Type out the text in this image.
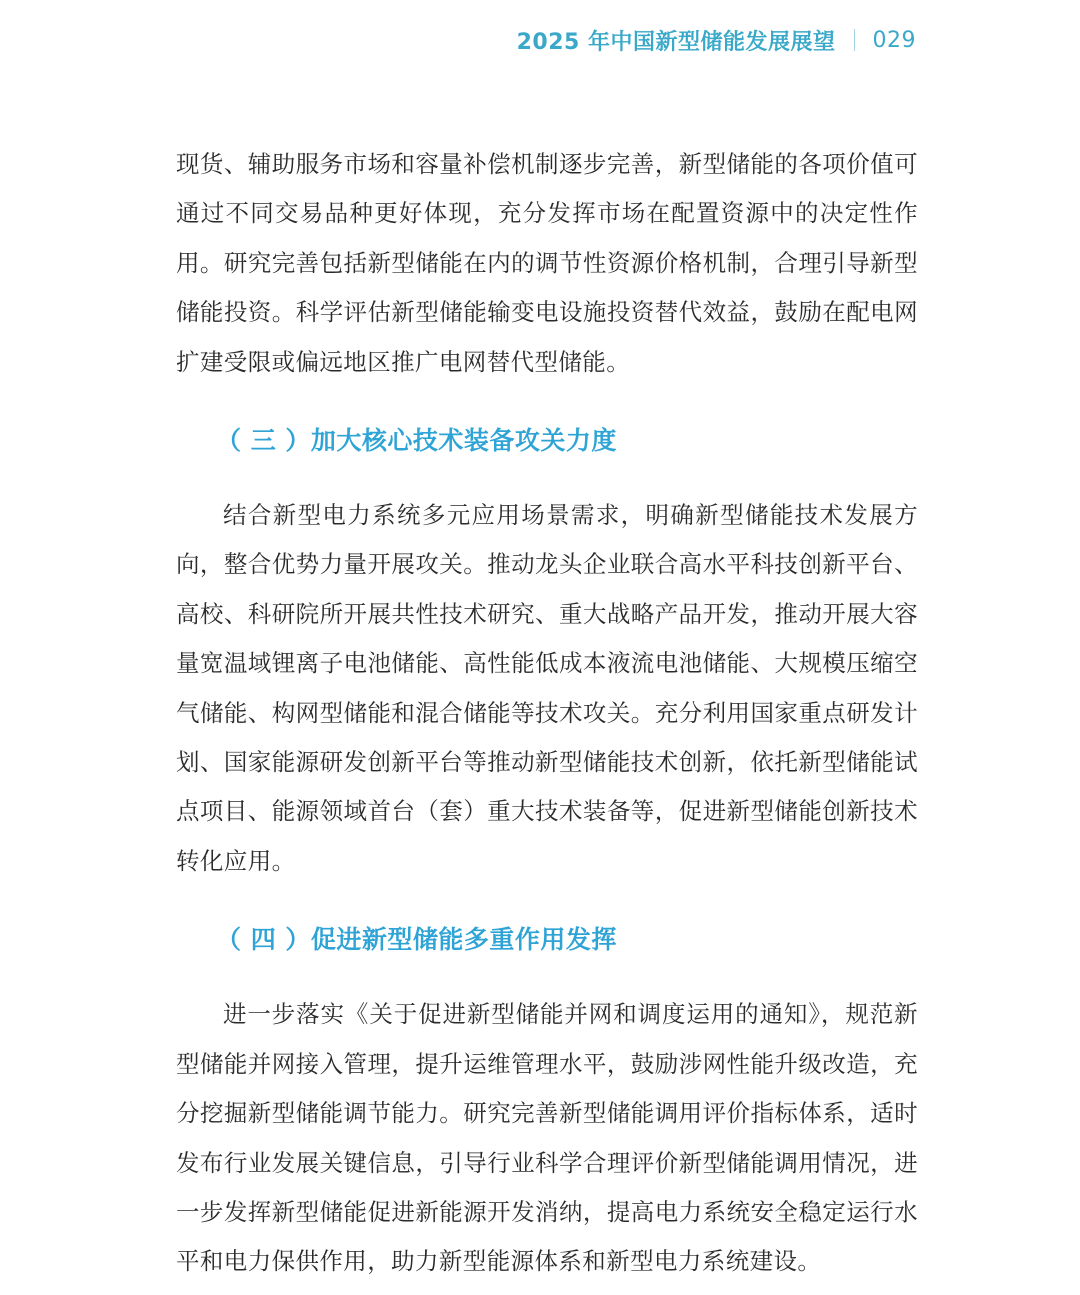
2025 年中国新型储能发展展望 029

现货、辅助服务市场和容量补偿机制逐步完善，新型储能的各项价值可通过不同交易品种更好体现，充分发挥市场在配置资源中的决定性作用。研究完善包括新型储能在内的调节性资源价格机制，合理引导新型储能投资。科学评估新型储能输变电设施投资替代效益，鼓励在配电网扩建受限或偏远地区推广电网替代型储能。

（ 三 ）加大核心技术装备攻关力度

结合新型电力系统多元应用场景需求，明确新型储能技术发展方向，整合优势力量开展攻关。推动龙头企业联合高水平科技创新平台、高校、科研院所开展共性技术研究、重大战略产品开发，推动开展大容量宽温域锂离子电池储能、高性能低成本液流电池储能、大规模压缩空气储能、构网型储能和混合储能等技术攻关。充分利用国家重点研发计划、国家能源研发创新平台等推动新型储能技术创新，依托新型储能试点项目、能源领域首台（套）重大技术装备等，促进新型储能创新技术转化应用。

（ 四 ）促进新型储能多重作用发挥

进一步落实《关于促进新型储能并网和调度运用的通知》，规范新型储能并网接入管理，提升运维管理水平，鼓励涉网性能升级改造，充分挖掘新型储能调节能力。研究完善新型储能调用评价指标体系，适时发布行业发展关键信息，引导行业科学合理评价新型储能调用情况，进一步发挥新型储能促进新能源开发消纳，提高电力系统安全稳定运行水平和电力保供作用，助力新型能源体系和新型电力系统建设。
